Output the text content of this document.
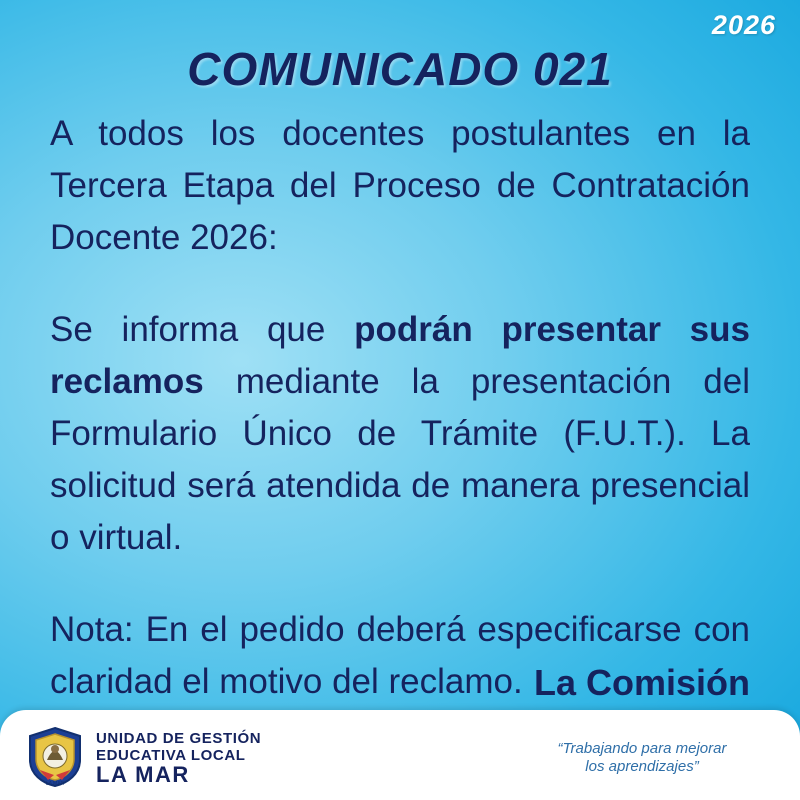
2026
COMUNICADO 021

A todos los docentes postulantes en la Tercera Etapa del Proceso de Contratación Docente 2026:

Se informa que podrán presentar sus reclamos mediante la presentación del Formulario Único de Trámite (F.U.T.). La solicitud será atendida de manera presencial o virtual.

Nota: En el pedido deberá especificarse con claridad el motivo del reclamo. La Comisión
LA MAR
UNIDAD DE GESTIÓN
EDUCATIVA LOCAL
LA MAR
“Trabajando para mejorar
los aprendizajes”
